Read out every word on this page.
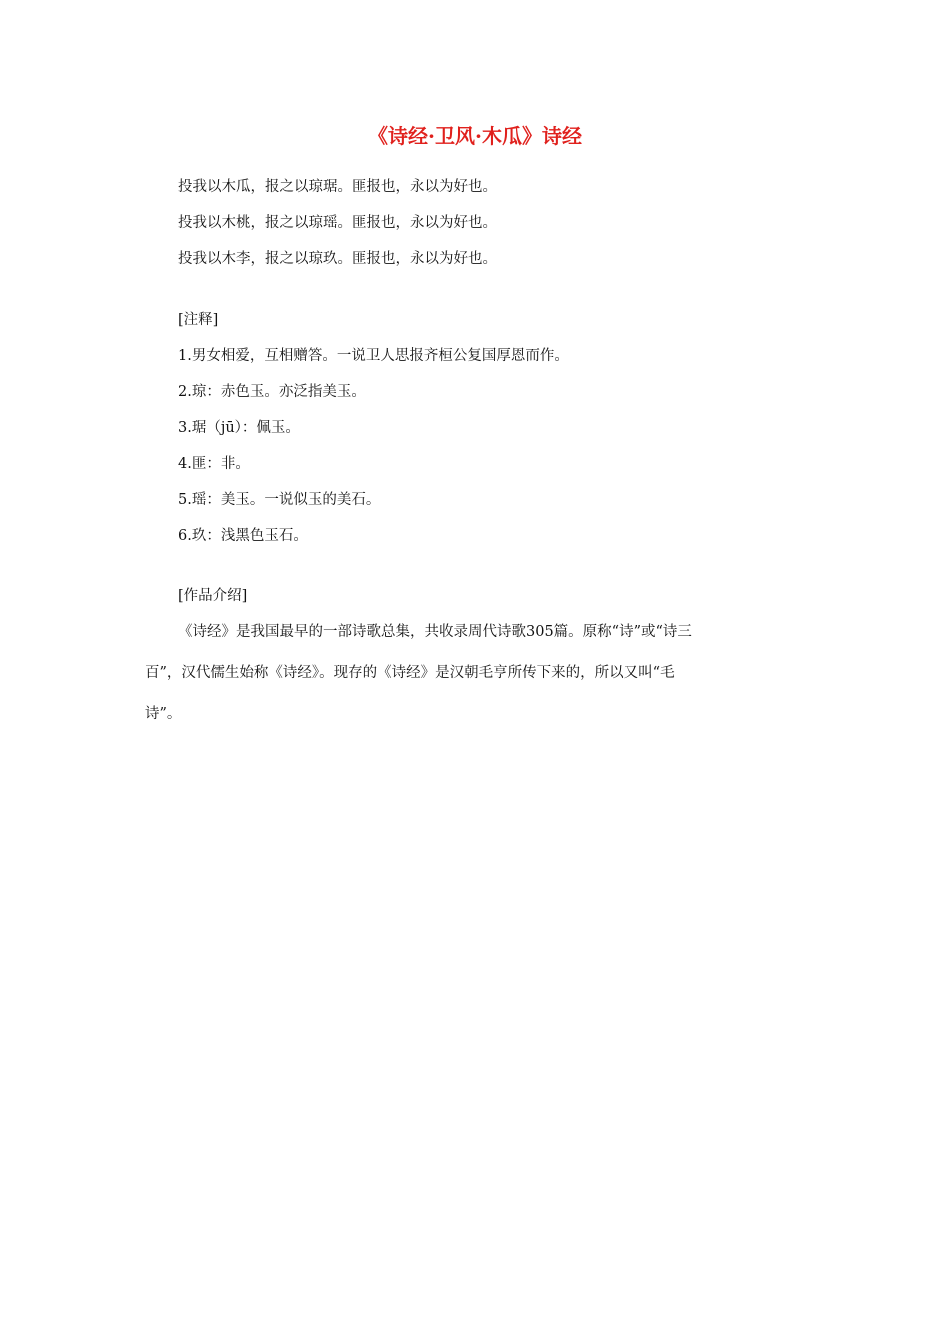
《诗经·卫风·木瓜》诗经
投我以木瓜，报之以琼琚。匪报也，永以为好也。
投我以木桃，报之以琼瑶。匪报也，永以为好也。
投我以木李，报之以琼玖。匪报也，永以为好也。
[注释]
1.男女相爱，互相赠答。一说卫人思报齐桓公复国厚恩而作。
2.琼：赤色玉。亦泛指美玉。
3.琚（jū）：佩玉。
4.匪：非。
5.瑶：美玉。一说似玉的美石。
6.玖：浅黑色玉石。
[作品介绍]
《诗经》是我国最早的一部诗歌总集，共收录周代诗歌305篇。原称“诗”或“诗三
百”，汉代儒生始称《诗经》。现存的《诗经》是汉朝毛亨所传下来的，所以又叫“毛
诗”。
